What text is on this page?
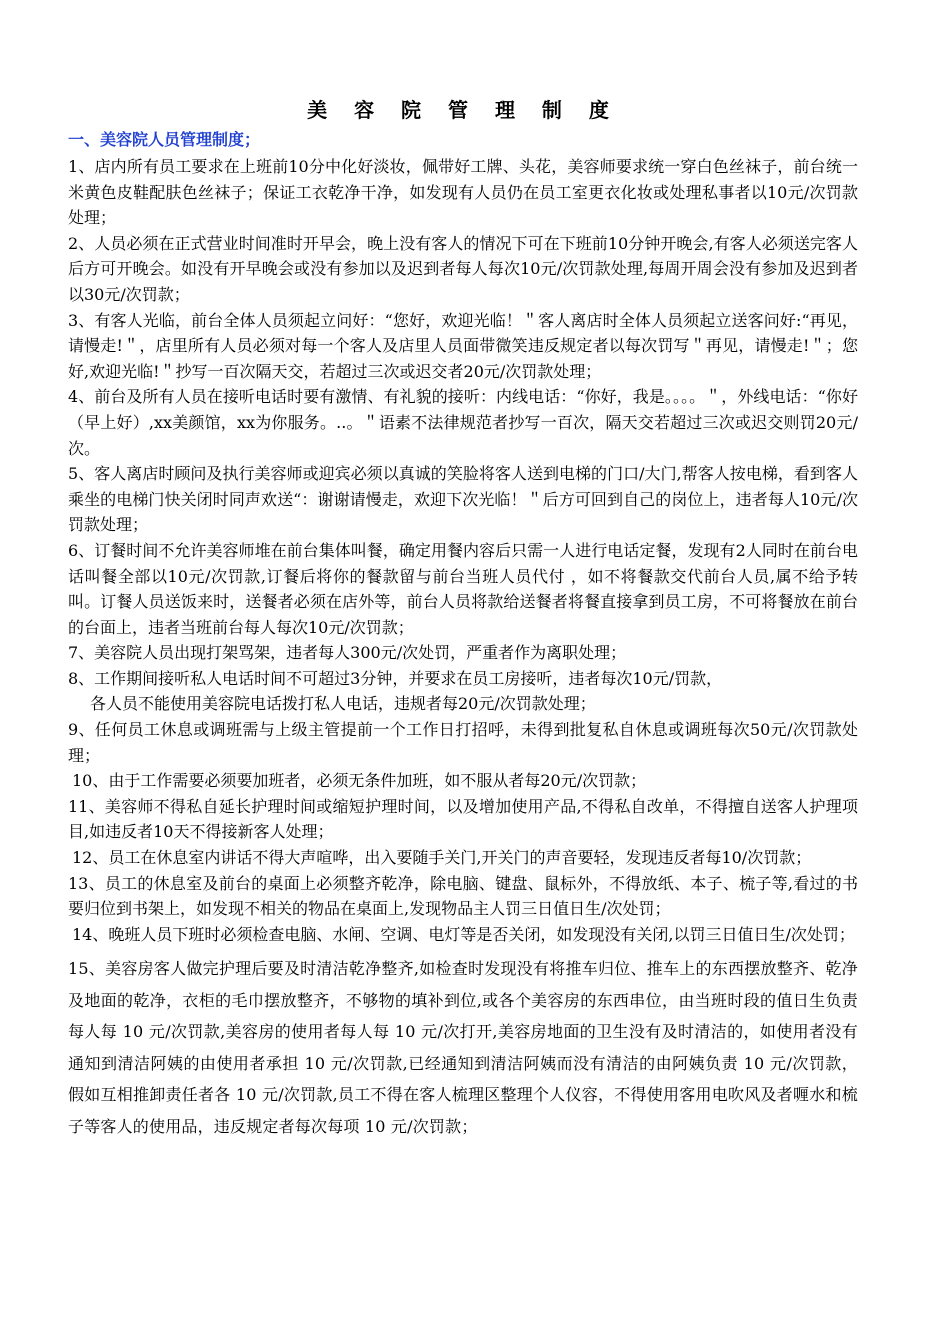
美 容 院 管 理 制 度
一、美容院人员管理制度；

1、店内所有员工要求在上班前10分中化好淡妆，佩带好工牌、头花，美容师要求统一穿白色丝袜子，前台统一米黄色皮鞋配肤色丝袜子；保证工衣乾净干净，如发现有人员仍在员工室更衣化妆或处理私事者以10元/次罚款处理；

2、人员必须在正式营业时间准时开早会，晚上没有客人的情况下可在下班前10分钟开晚会,有客人必须送完客人后方可开晚会。如没有开早晚会或没有参加以及迟到者每人每次10元/次罚款处理,每周开周会没有参加及迟到者以30元/次罚款；

3、有客人光临，前台全体人员须起立问好：“您好，欢迎光临！＂客人离店时全体人员须起立送客问好:“再见，请慢走!＂，店里所有人员必须对每一个客人及店里人员面带微笑违反规定者以每次罚写＂再见，请慢走!＂；您好,欢迎光临!＂抄写一百次隔天交，若超过三次或迟交者20元/次罚款处理；

4、前台及所有人员在接听电话时要有激情、有礼貌的接听：内线电话：“你好，我是。。。。＂，外线电话：“你好（早上好）,xx美颜馆，xx为你服务。..。＂语素不法律规范者抄写一百次，隔天交若超过三次或迟交则罚20元/次。

5、客人离店时顾问及执行美容师或迎宾必须以真诚的笑脸将客人送到电梯的门口/大门,帮客人按电梯，看到客人乘坐的电梯门快关闭时同声欢送“：谢谢请慢走，欢迎下次光临！＂后方可回到自己的岗位上，违者每人10元/次罚款处理；

6、订餐时间不允许美容师堆在前台集体叫餐，确定用餐内容后只需一人进行电话定餐，发现有2人同时在前台电话叫餐全部以10元/次罚款,订餐后将你的餐款留与前台当班人员代付 ，如不将餐款交代前台人员,属不给予转叫。订餐人员送饭来时，送餐者必须在店外等，前台人员将款给送餐者将餐直接拿到员工房，不可将餐放在前台的台面上，违者当班前台每人每次10元/次罚款；

7、美容院人员出现打架骂架，违者每人300元/次处罚，严重者作为离职处理；

8、工作期间接听私人电话时间不可超过3分钟，并要求在员工房接听，违者每次10元/罚款，
各人员不能使用美容院电话拨打私人电话，违规者每20元/次罚款处理；

9、任何员工休息或调班需与上级主管提前一个工作日打招呼，未得到批复私自休息或调班每次50元/次罚款处理；

10、由于工作需要必须要加班者，必须无条件加班，如不服从者每20元/次罚款；

11、美容师不得私自延长护理时间或缩短护理时间，以及增加使用产品,不得私自改单，不得擅自送客人护理项目,如违反者10天不得接新客人处理；

12、员工在休息室内讲话不得大声喧哗，出入要随手关门,开关门的声音要轻，发现违反者每10/次罚款；

13、员工的休息室及前台的桌面上必须整齐乾净，除电脑、键盘、鼠标外，不得放纸、本子、梳子等,看过的书要归位到书架上，如发现不相关的物品在桌面上,发现物品主人罚三日值日生/次处罚；

14、晚班人员下班时必须检查电脑、水闸、空调、电灯等是否关闭，如发现没有关闭,以罚三日值日生/次处罚；

15、美容房客人做完护理后要及时清洁乾净整齐,如检查时发现没有将推车归位、推车上的东西摆放整齐、乾净及地面的乾净，衣柜的毛巾摆放整齐，不够物的填补到位,或各个美容房的东西串位，由当班时段的值日生负责每人每 10 元/次罚款,美容房的使用者每人每 10 元/次打开,美容房地面的卫生没有及时清洁的，如使用者没有通知到清洁阿姨的由使用者承担 10 元/次罚款,已经通知到清洁阿姨而没有清洁的由阿姨负责 10 元/次罚款，假如互相推卸责任者各 10 元/次罚款,员工不得在客人梳理区整理个人仪容，不得使用客用电吹风及者喱水和梳子等客人的使用品，违反规定者每次每项 10 元/次罚款；
